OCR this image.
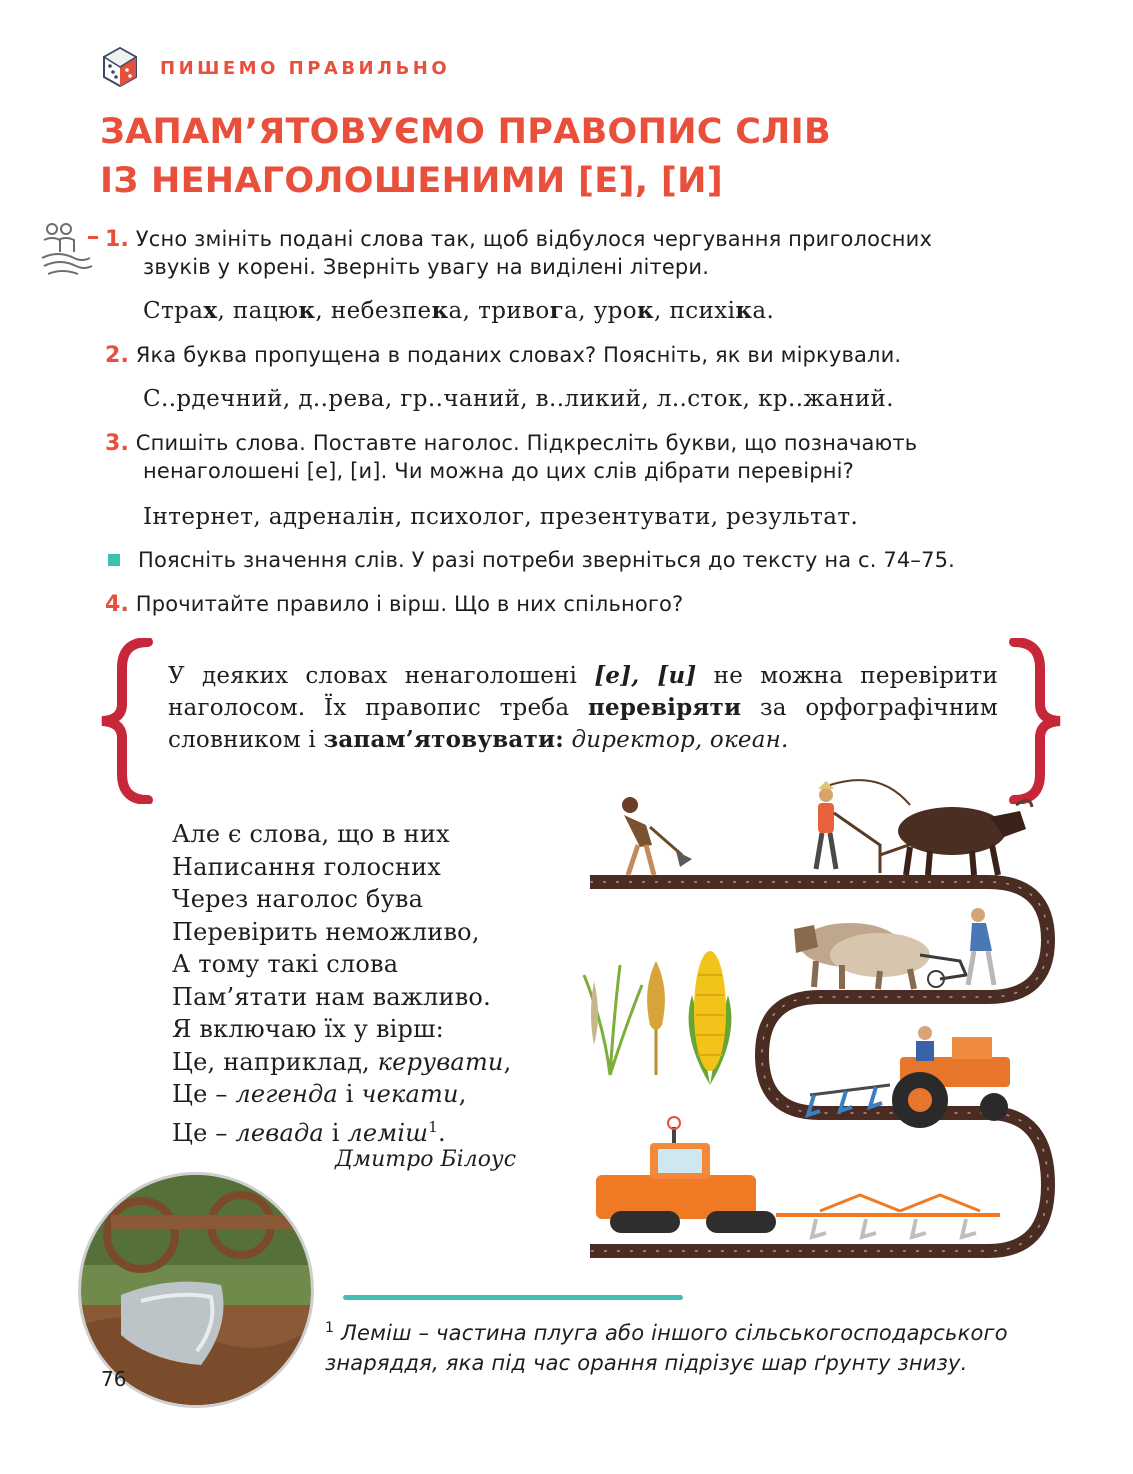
ПИШЕМО ПРАВИЛЬНО
ЗАПАМ’ЯТОВУЄМО ПРАВОПИС СЛІВ
ІЗ НЕНАГОЛОШЕНИМИ [Е], [И]
1. Усно змініть подані слова так, щоб відбулося чергування приголосних
звуків у корені. Зверніть увагу на виділені літери.
Страх, пацюк, небезпека, тривога, урок, психіка.
2. Яка буква пропущена в поданих словах? Поясніть, як ви міркували.
С..рдечний, д..рева, гр..чаний, в..ликий, л..сток, кр..жаний.
3. Спишіть слова. Поставте наголос. Підкресліть букви, що позначають
ненаголошені [е], [и]. Чи можна до цих слів дібрати перевірні?
Інтернет, адреналін, психолог, презентувати, результат.
Поясніть значення слів. У разі потреби зверніться до тексту на с. 74–75.
4. Прочитайте правило і вірш. Що в них спільного?
У деяких словах ненаголошені [е], [и] не можна перевірити наголосом. Їх правопис треба перевіряти за орфографічним словником і запам’ятовувати: директор, океан.
Але є слова, що в них
Написання голосних
Через наголос бува
Перевірить неможливо,
А тому такі слова
Пам’ятати нам важливо.
Я включаю їх у вірш:
Це, наприклад, керувати,
Це – легенда і чекати,
Це – левада і леміш$^1$.
Дмитро Білоус
$^1$ Леміш – частина плуга або іншого сільськогосподарського знаряддя, яка під час орання підрізує шар ґрунту знизу.
76
